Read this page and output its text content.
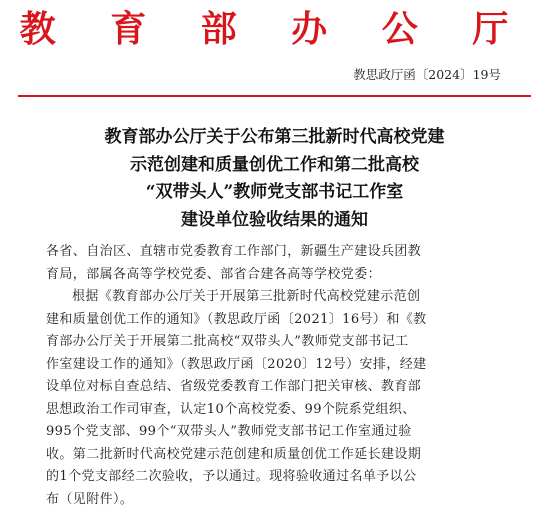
教 育 部 办 公 厅
教思政厅函〔2024〕19号
教育部办公厅关于公布第三批新时代高校党建
示范创建和质量创优工作和第二批高校
“双带头人”教师党支部书记工作室
建设单位验收结果的通知
各省、自治区、直辖市党委教育工作部门，新疆生产建设兵团教
育局，部属各高等学校党委、部省合建各高等学校党委：
根据《教育部办公厅关于开展第三批新时代高校党建示范创
建和质量创优工作的通知》（教思政厅函〔2021〕16号）和《教
育部办公厅关于开展第二批高校“双带头人”教师党支部书记工
作室建设工作的通知》（教思政厅函〔2020〕12号）安排，经建
设单位对标自查总结、省级党委教育工作部门把关审核、教育部
思想政治工作司审查，认定10个高校党委、99个院系党组织、
995个党支部、99个“双带头人”教师党支部书记工作室通过验
收。第二批新时代高校党建示范创建和质量创优工作延长建设期
的1个党支部经二次验收，予以通过。现将验收通过名单予以公
布（见附件）。
